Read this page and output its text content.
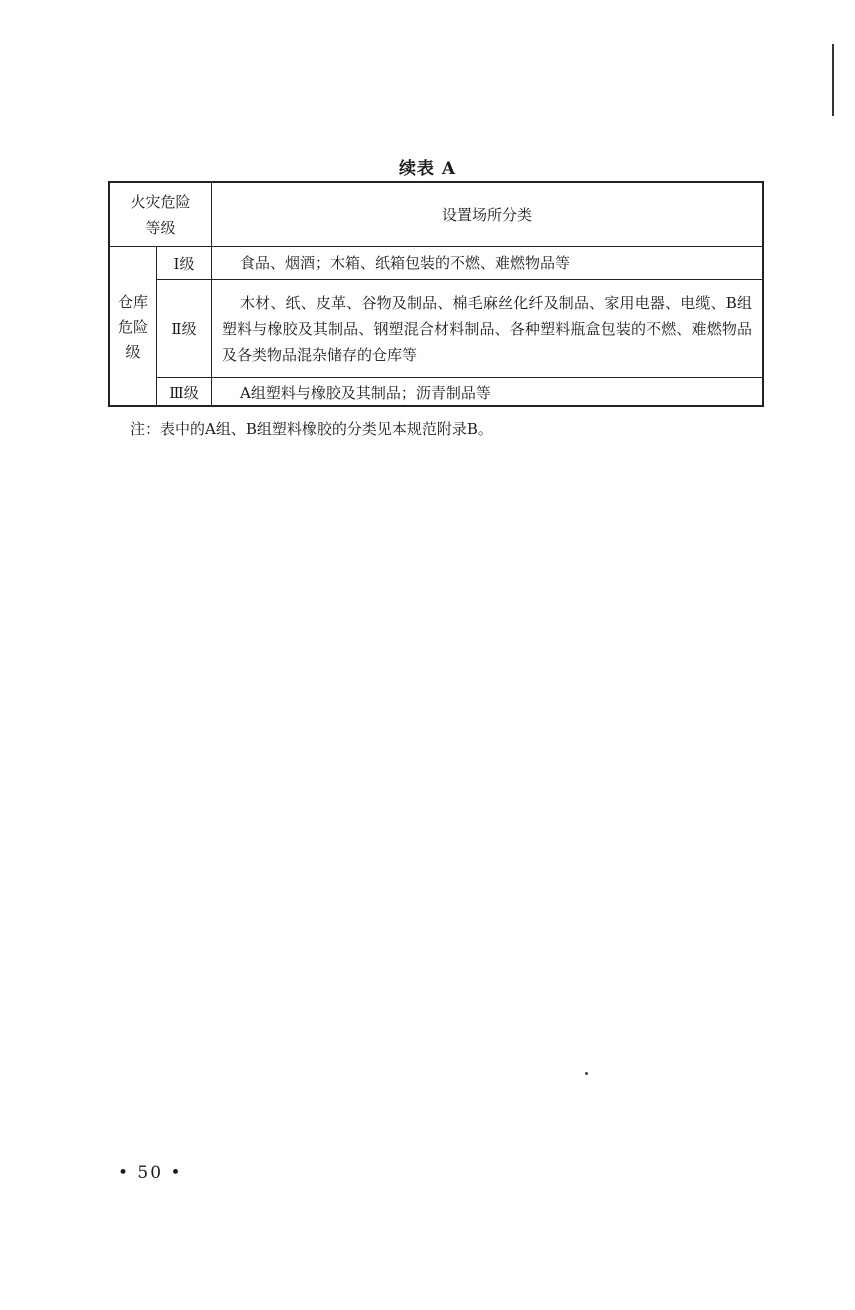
续表 A
火灾危险
等级
设置场所分类
仓库
危险
级
Ⅰ级	食品、烟酒；木箱、纸箱包装的不燃、难燃物品等
Ⅱ级
木材、纸、皮革、谷物及制品、棉毛麻丝化纤及制品、家用电器、电缆、B组塑料与橡胶及其制品、钢塑混合材料制品、各种塑料瓶盒包装的不燃、难燃物品及各类物品混杂储存的仓库等
Ⅲ级	A组塑料与橡胶及其制品；沥青制品等
注：表中的A组、B组塑料橡胶的分类见本规范附录B。
• 50 •
